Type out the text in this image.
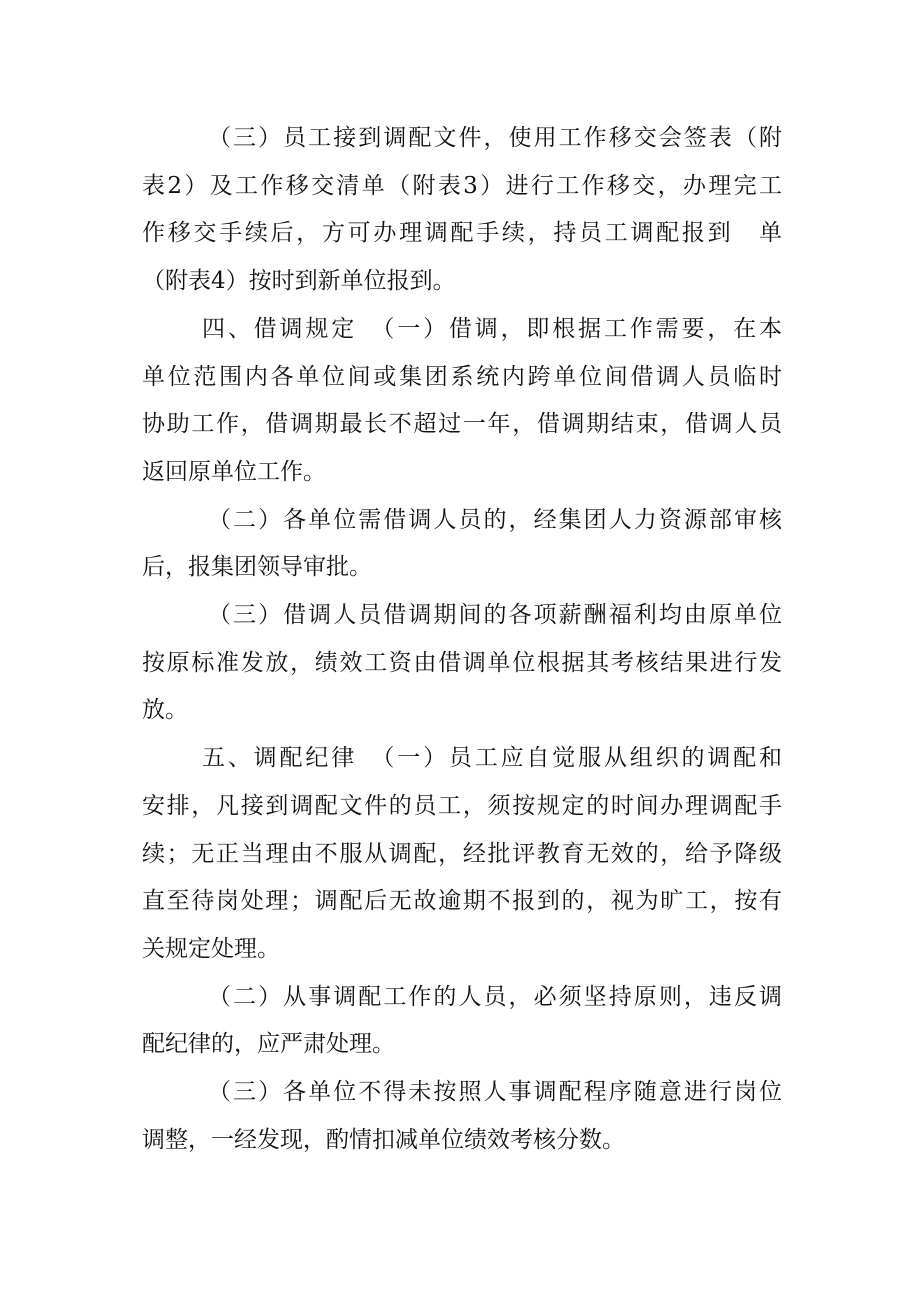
（三）员工接到调配文件，使用工作移交会签表（附
表2）及工作移交清单（附表3）进行工作移交，办理完工
作移交手续后，方可办理调配手续，持员工调配报到　单
（附表4）按时到新单位报到。
四、借调规定　（一）借调，即根据工作需要，在本
单位范围内各单位间或集团系统内跨单位间借调人员临时
协助工作，借调期最长不超过一年，借调期结束，借调人员
返回原单位工作。
（二）各单位需借调人员的，经集团人力资源部审核
后，报集团领导审批。
（三）借调人员借调期间的各项薪酬福利均由原单位
按原标准发放，绩效工资由借调单位根据其考核结果进行发
放。
五、调配纪律　（一）员工应自觉服从组织的调配和
安排，凡接到调配文件的员工，须按规定的时间办理调配手
续；无正当理由不服从调配，经批评教育无效的，给予降级
直至待岗处理；调配后无故逾期不报到的，视为旷工，按有
关规定处理。
（二）从事调配工作的人员，必须坚持原则，违反调
配纪律的，应严肃处理。
（三）各单位不得未按照人事调配程序随意进行岗位
调整，一经发现，酌情扣减单位绩效考核分数。
